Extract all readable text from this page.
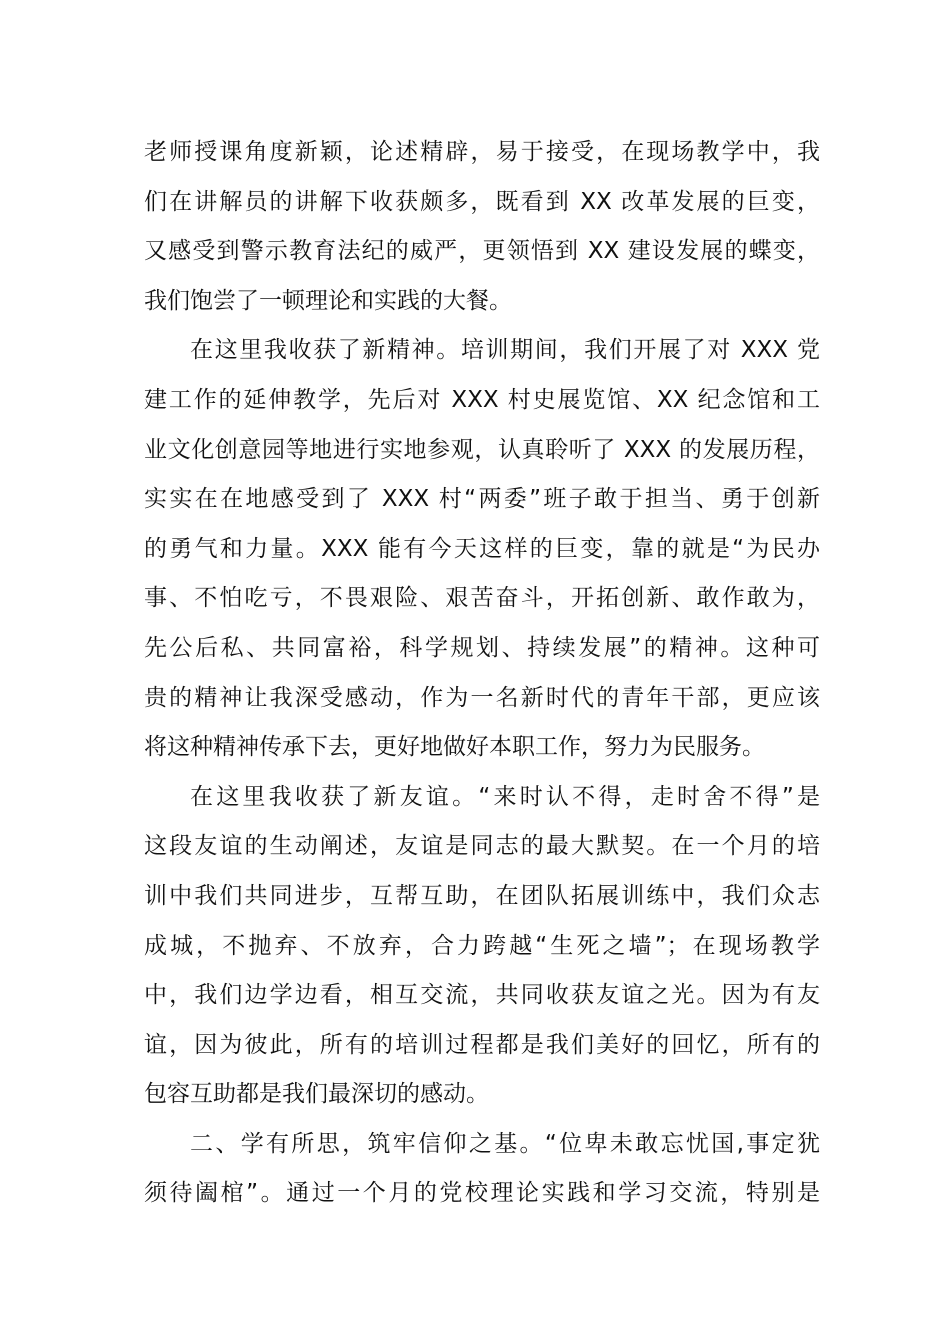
老师授课角度新颖，论述精辟，易于接受，在现场教学中，我
们在讲解员的讲解下收获颇多，既看到 XX 改革发展的巨变，
又感受到警示教育法纪的威严，更领悟到 XX 建设发展的蝶变，
我们饱尝了一顿理论和实践的大餐。
在这里我收获了新精神。培训期间，我们开展了对 XXX 党
建工作的延伸教学，先后对 XXX 村史展览馆、XX 纪念馆和工
业文化创意园等地进行实地参观，认真聆听了 XXX 的发展历程，
实实在在地感受到了 XXX 村“两委”班子敢于担当、勇于创新
的勇气和力量。XXX 能有今天这样的巨变，靠的就是“为民办
事、不怕吃亏，不畏艰险、艰苦奋斗，开拓创新、敢作敢为，
先公后私、共同富裕，科学规划、持续发展”的精神。这种可
贵的精神让我深受感动，作为一名新时代的青年干部，更应该
将这种精神传承下去，更好地做好本职工作，努力为民服务。
在这里我收获了新友谊。“来时认不得，走时舍不得”是
这段友谊的生动阐述，友谊是同志的最大默契。在一个月的培
训中我们共同进步，互帮互助，在团队拓展训练中，我们众志
成城，不抛弃、不放弃，合力跨越“生死之墙”；在现场教学
中，我们边学边看，相互交流，共同收获友谊之光。因为有友
谊，因为彼此，所有的培训过程都是我们美好的回忆，所有的
包容互助都是我们最深切的感动。
二、学有所思，筑牢信仰之基。“位卑未敢忘忧国,事定犹
须待阖棺”。通过一个月的党校理论实践和学习交流，特别是
